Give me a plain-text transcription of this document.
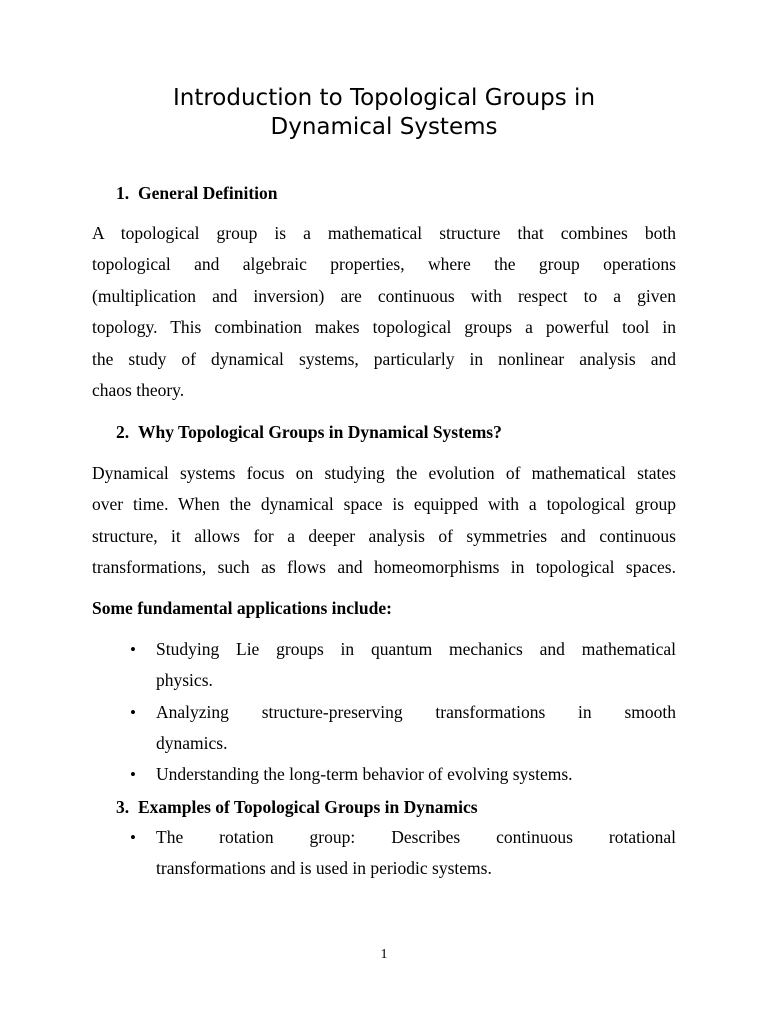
Introduction to Topological Groups in
Dynamical Systems
1. General Definition
A topological group is a mathematical structure that combines both
topological and algebraic properties, where the group operations
(multiplication and inversion) are continuous with respect to a given
topology. This combination makes topological groups a powerful tool in
the study of dynamical systems, particularly in nonlinear analysis and
chaos theory.
2. Why Topological Groups in Dynamical Systems?
Dynamical systems focus on studying the evolution of mathematical states
over time. When the dynamical space is equipped with a topological group
structure, it allows for a deeper analysis of symmetries and continuous
transformations, such as flows and homeomorphisms in topological spaces.

Some fundamental applications include:

•	Studying Lie groups in quantum mechanics and mathematical
physics.
•	Analyzing structure-preserving transformations in smooth
dynamics.
•	Understanding the long-term behavior of evolving systems.
3. Examples of Topological Groups in Dynamics
•	The rotation group: Describes continuous rotational
transformations and is used in periodic systems.
1
